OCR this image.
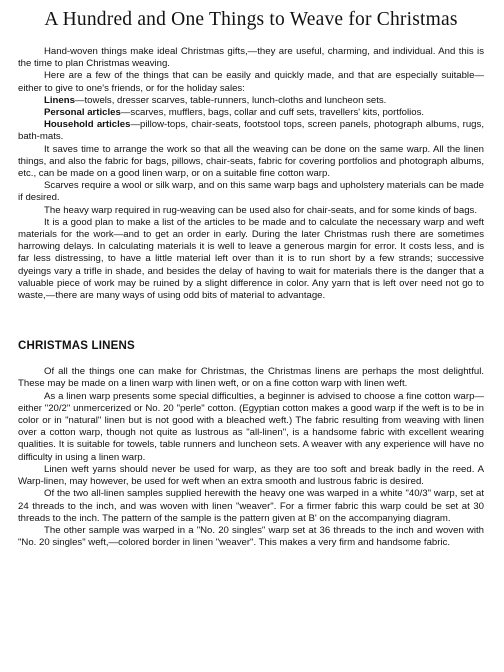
A Hundred and One Things to Weave for Christmas

Hand-woven things make ideal Christmas gifts,—they are useful, charming, and individual. And this is the time to plan Christmas weaving.

Here are a few of the things that can be easily and quickly made, and that are especially suitable—either to give to one's friends, or for the holiday sales:

Linens—towels, dresser scarves, table-runners, lunch-cloths and luncheon sets.

Personal articles—scarves, mufflers, bags, collar and cuff sets, travellers' kits, portfolios.

Household articles—pillow-tops, chair-seats, footstool tops, screen panels, photograph albums, rugs, bath-mats.

It saves time to arrange the work so that all the weaving can be done on the same warp. All the linen things, and also the fabric for bags, pillows, chair-seats, fabric for covering portfolios and photograph albums, etc., can be made on a good linen warp, or on a suitable fine cotton warp.

Scarves require a wool or silk warp, and on this same warp bags and upholstery materials can be made if desired.

The heavy warp required in rug-weaving can be used also for chair-seats, and for some kinds of bags.

It is a good plan to make a list of the articles to be made and to calculate the necessary warp and weft materials for the work—and to get an order in early. During the later Christmas rush there are sometimes harrowing delays. In calculating materials it is well to leave a generous margin for error. It costs less, and is far less distressing, to have a little material left over than it is to run short by a few strands; successive dyeings vary a trifle in shade, and besides the delay of having to wait for materials there is the danger that a valuable piece of work may be ruined by a slight difference in color. Any yarn that is left over need not go to waste,—there are many ways of using odd bits of material to advantage.

CHRISTMAS LINENS

Of all the things one can make for Christmas, the Christmas linens are perhaps the most delightful. These may be made on a linen warp with linen weft, or on a fine cotton warp with linen weft.

As a linen warp presents some special difficulties, a beginner is advised to choose a fine cotton warp—either "20/2" unmercerized or No. 20 "perle" cotton. (Egyptian cotton makes a good warp if the weft is to be in color or in "natural" linen but is not good with a bleached weft.) The fabric resulting from weaving with linen over a cotton warp, though not quite as lustrous as "all-linen", is a handsome fabric with excellent wearing qualities. It is suitable for towels, table runners and luncheon sets. A weaver with any experience will have no difficulty in using a linen warp.

Linen weft yarns should never be used for warp, as they are too soft and break badly in the reed. A Warp-linen, may however, be used for weft when an extra smooth and lustrous fabric is desired.

Of the two all-linen samples supplied herewith the heavy one was warped in a white "40/3" warp, set at 24 threads to the inch, and was woven with linen "weaver". For a firmer fabric this warp could be set at 30 threads to the inch. The pattern of the sample is the pattern given at B' on the accompanying diagram.

The other sample was warped in a "No. 20 singles" warp set at 36 threads to the inch and woven with "No. 20 singles" weft,—colored border in linen "weaver". This makes a very firm and handsome fabric.
